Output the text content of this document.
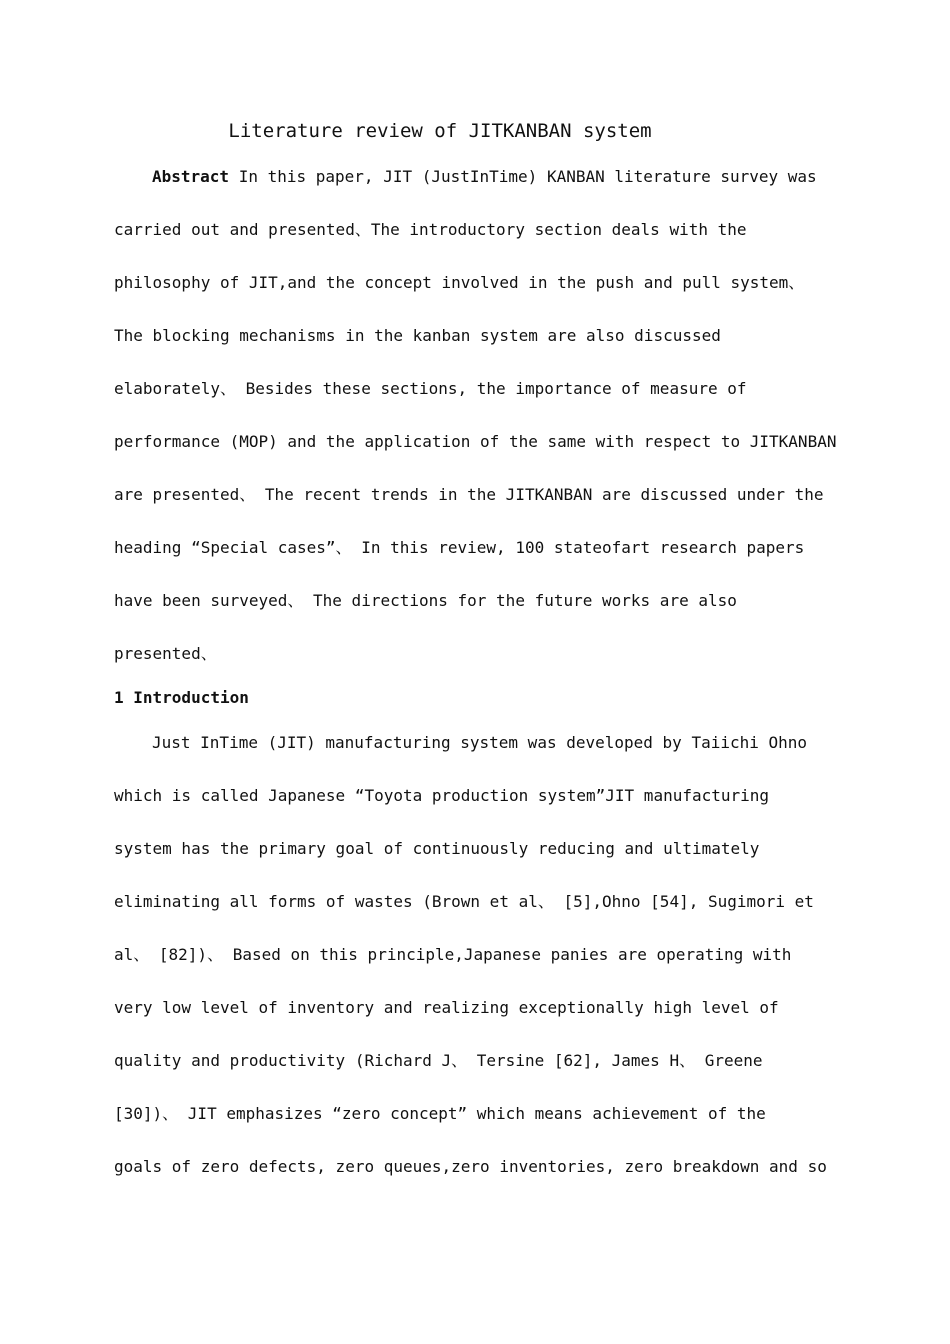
Literature review of JITKANBAN system
Abstract In this paper, JIT (JustInTime) KANBAN literature survey was
carried out and presented、The introductory section deals with the
philosophy of JIT,and the concept involved in the push and pull system、
The blocking mechanisms in the kanban system are also discussed
elaborately、 Besides these sections, the importance of measure of
performance (MOP) and the application of the same with respect to JITKANBAN
are presented、 The recent trends in the JITKANBAN are discussed under the
heading “Special cases”、 In this review, 100 stateofart research papers
have been surveyed、 The directions for the future works are also
presented、
1 Introduction
Just InTime (JIT) manufacturing system was developed by Taiichi Ohno
which is called Japanese “Toyota production system”JIT manufacturing
system has the primary goal of continuously reducing and ultimately
eliminating all forms of wastes (Brown et al、 [5],Ohno [54], Sugimori et
al、 [82])、 Based on this principle,Japanese panies are operating with
very low level of inventory and realizing exceptionally high level of
quality and productivity (Richard J、 Tersine [62], James H、 Greene
[30])、 JIT emphasizes “zero concept” which means achievement of the
goals of zero defects, zero queues,zero inventories, zero breakdown and so
